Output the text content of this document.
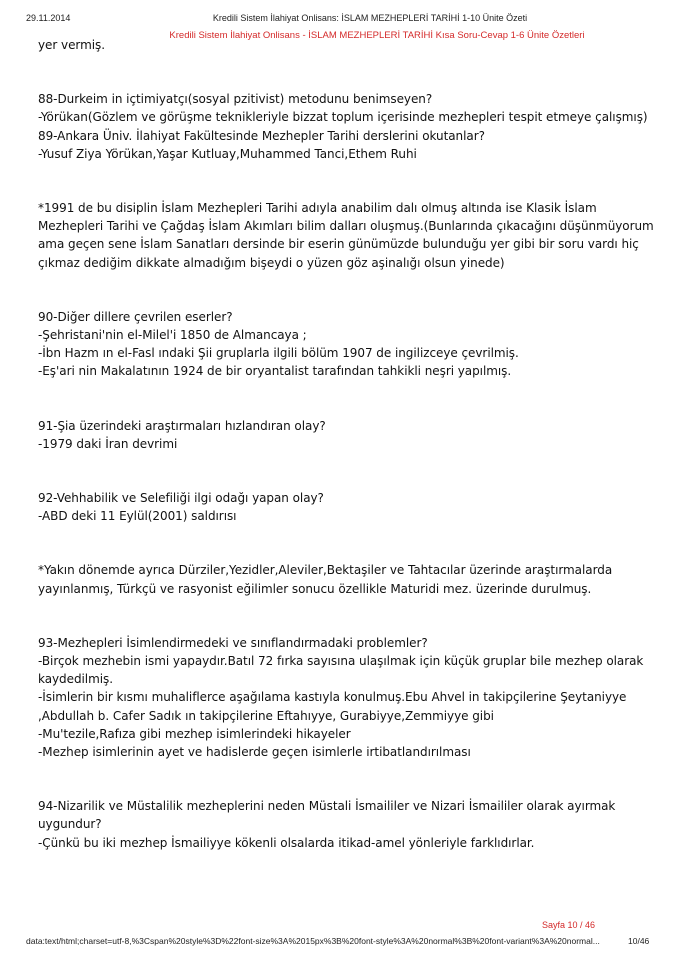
29.11.2014	Kredili Sistem İlahiyat Onlisans: İSLAM MEZHEPLERİ TARİHİ 1-10 Ünite Özeti
Kredili Sistem İlahiyat Onlisans - İSLAM MEZHEPLERİ TARİHİ Kısa Soru-Cevap 1-6 Ünite Özetleri

yer vermiş.

88-Durkeim in içtimiyatçı(sosyal pzitivist) metodunu benimseyen?

-Yörükan(Gözlem ve görüşme teknikleriyle bizzat toplum içerisinde mezhepleri tespit etmeye çalışmış)

89-Ankara Üniv. İlahiyat Fakültesinde Mezhepler Tarihi derslerini okutanlar?

-Yusuf Ziya Yörükan,Yaşar Kutluay,Muhammed Tanci,Ethem Ruhi

*1991 de bu disiplin İslam Mezhepleri Tarihi adıyla anabilim dalı olmuş altında ise Klasik İslam Mezhepleri Tarihi ve Çağdaş İslam Akımları bilim dalları oluşmuş.(Bunlarında çıkacağını düşünmüyorum ama geçen sene İslam Sanatları dersinde bir eserin günümüzde bulunduğu yer gibi bir soru vardı hiç çıkmaz dediğim dikkate almadığım bişeydi o yüzen göz aşinalığı olsun yinede)

90-Diğer dillere çevrilen eserler?

-Şehristani'nin el-Milel'i 1850 de Almancaya ;

-İbn Hazm ın el-Fasl ındaki Şii gruplarla ilgili bölüm 1907 de ingilizceye çevrilmiş.

-Eş'ari nin Makalatının 1924 de bir oryantalist tarafından tahkikli neşri yapılmış.

91-Şia üzerindeki araştırmaları hızlandıran olay?

-1979 daki İran devrimi

92-Vehhabilik ve Selefiliği ilgi odağı yapan olay?

-ABD deki 11 Eylül(2001) saldırısı

*Yakın dönemde ayrıca Dürziler,Yezidler,Aleviler,Bektaşiler ve Tahtacılar üzerinde araştırmalarda yayınlanmış, Türkçü ve rasyonist eğilimler sonucu özellikle Maturidi mez. üzerinde durulmuş.

93-Mezhepleri İsimlendirmedeki ve sınıflandırmadaki problemler?

-Birçok mezhebin ismi yapaydır.Batıl 72 fırka sayısına ulaşılmak için küçük gruplar bile mezhep olarak kaydedilmiş.

-İsimlerin bir kısmı muhaliflerce aşağılama kastıyla konulmuş.Ebu Ahvel in takipçilerine Şeytaniyye ,Abdullah b. Cafer Sadık ın takipçilerine Eftahıyye, Gurabiyye,Zemmiyye gibi

-Mu'tezile,Rafıza gibi mezhep isimlerindeki hikayeler

-Mezhep isimlerinin ayet ve hadislerde geçen isimlerle irtibatlandırılması

94-Nizarilik ve Müstalilik mezheplerini neden Müstali İsmaililer ve Nizari İsmaililer olarak ayırmak uygundur?

-Çünkü bu iki mezhep İsmailiyye kökenli olsalarda itikad-amel yönleriyle farklıdırlar.

Sayfa 10 / 46
data:text/html;charset=utf-8,%3Cspan%20style%3D%22font-size%3A%2015px%3B%20font-style%3A%20normal%3B%20font-variant%3A%20normal...	10/46
